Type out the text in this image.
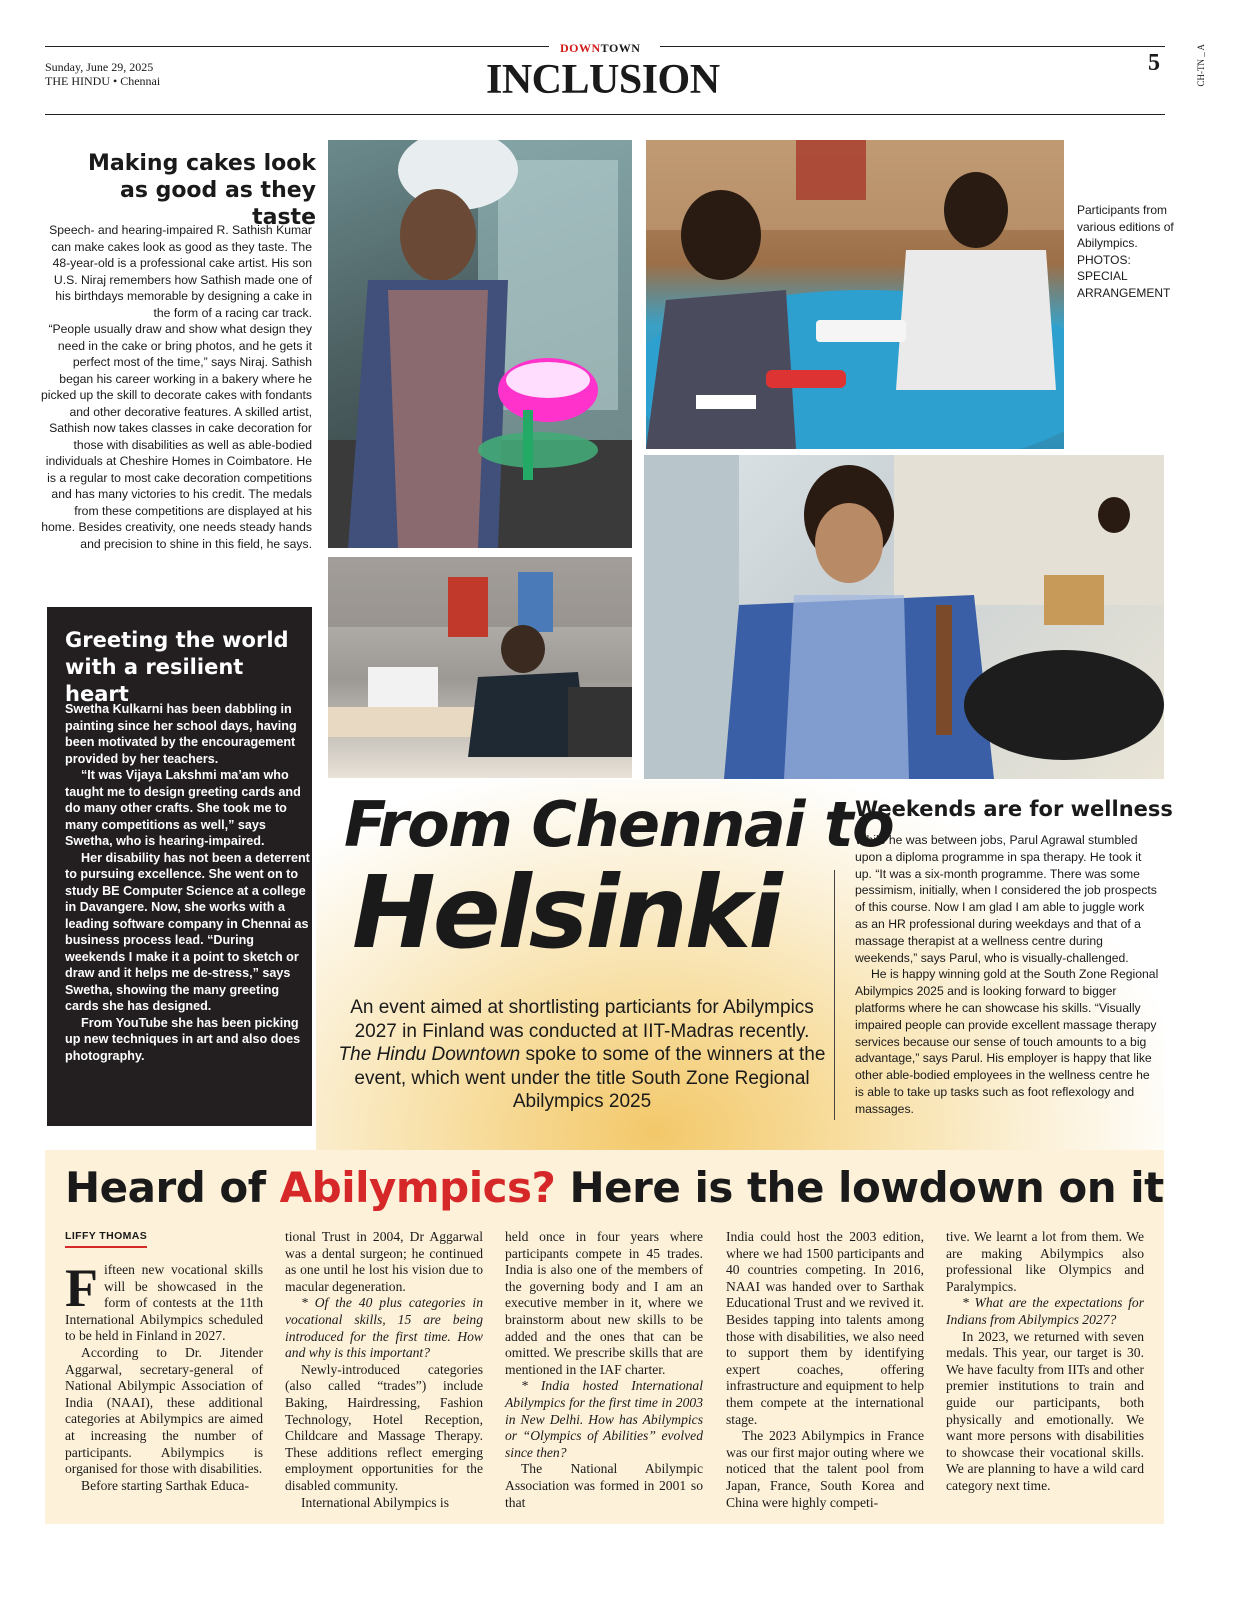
Sunday, June 29, 2025
THE HINDU • Chennai
DOWNTOWN
INCLUSION	5	CH-TN _ A
Participants from various editions of Abilympics. PHOTOS: SPECIAL ARRANGEMENT
Making cakes look as good as they taste

Speech- and hearing-impaired R. Sathish Kumar can make cakes look as good as they taste. The 48-year-old is a professional cake artist. His son U.S. Niraj remembers how Sathish made one of his birthdays memorable by designing a cake in the form of a racing car track.

“People usually draw and show what design they need in the cake or bring photos, and he gets it perfect most of the time,” says Niraj. Sathish began his career working in a bakery where he picked up the skill to decorate cakes with fondants and other decorative features. A skilled artist, Sathish now takes classes in cake decoration for those with disabilities as well as able-bodied individuals at Cheshire Homes in Coimbatore. He is a regular to most cake decoration competitions and has many victories to his credit. The medals from these competitions are displayed at his home. Besides creativity, one needs steady hands and precision to shine in this field, he says.

Greeting the world with a resilient heart

Swetha Kulkarni has been dabbling in painting since her school days, having been motivated by the encouragement provided by her teachers.

“It was Vijaya Lakshmi ma’am who taught me to design greeting cards and do many other crafts. She took me to many competitions as well,” says Swetha, who is hearing-impaired.

Her disability has not been a deterrent to pursuing excellence. She went on to study BE Computer Science at a college in Davangere. Now, she works with a leading software company in Chennai as business process lead. “During weekends I make it a point to sketch or draw and it helps me de-stress,” says Swetha, showing the many greeting cards she has designed.

From YouTube she has been picking up new techniques in art and also does photography.

From Chennai to
Helsinki
An event aimed at shortlisting particiants for Abilympics 2027 in Finland was conducted at IIT-Madras recently. The Hindu Downtown spoke to some of the winners at the event, which went under the title South Zone Regional Abilympics 2025
Weekends are for wellness

While he was between jobs, Parul Agrawal stumbled upon a diploma programme in spa therapy. He took it up. “It was a six-month programme. There was some pessimism, initially, when I considered the job prospects of this course. Now I am glad I am able to juggle work as an HR professional during weekdays and that of a massage therapist at a wellness centre during weekends,” says Parul, who is visually-challenged.

He is happy winning gold at the South Zone Regional Abilympics 2025 and is looking forward to bigger platforms where he can showcase his skills. “Visually impaired people can provide excellent massage therapy services because our sense of touch amounts to a big advantage,” says Parul. His employer is happy that like other able-bodied employees in the wellness centre he is able to take up tasks such as foot reflexology and massages.

Heard of Abilympics? Here is the lowdown on it
LIFFY THOMAS

Fifteen new vocational skills will be showcased in the form of contests at the 11th International Abilympics scheduled to be held in Finland in 2027.

According to Dr. Jitender Aggarwal, secretary-general of National Abilympic Association of India (NAAI), these additional categories at Abilympics are aimed at increasing the number of participants. Abilympics is organised for those with disabilities.

Before starting Sarthak Educa-

tional Trust in 2004, Dr Aggarwal was a dental surgeon; he continued as one until he lost his vision due to macular degeneration.

* Of the 40 plus categories in vocational skills, 15 are being introduced for the first time. How and why is this important?

Newly-introduced categories (also called “trades”) include Baking, Hairdressing, Fashion Technology, Hotel Reception, Childcare and Massage Therapy. These additions reflect emerging employment opportunities for the disabled community.

International Abilympics is

held once in four years where participants compete in 45 trades. India is also one of the members of the governing body and I am an executive member in it, where we brainstorm about new skills to be added and the ones that can be omitted. We prescribe skills that are mentioned in the IAF charter.

* India hosted International Abilympics for the first time in 2003 in New Delhi. How has Abilympics or “Olympics of Abilities” evolved since then?

The National Abilympic Association was formed in 2001 so that

India could host the 2003 edition, where we had 1500 participants and 40 countries competing. In 2016, NAAI was handed over to Sarthak Educational Trust and we revived it. Besides tapping into talents among those with disabilities, we also need to support them by identifying expert coaches, offering infrastructure and equipment to help them compete at the international stage.

The 2023 Abilympics in France was our first major outing where we noticed that the talent pool from Japan, France, South Korea and China were highly competi-

tive. We learnt a lot from them. We are making Abilympics also professional like Olympics and Paralympics.

* What are the expectations for Indians from Abilympics 2027?

In 2023, we returned with seven medals. This year, our target is 30. We have faculty from IITs and other premier institutions to train and guide our participants, both physically and emotionally. We want more persons with disabilities to showcase their vocational skills. We are planning to have a wild card category next time.
